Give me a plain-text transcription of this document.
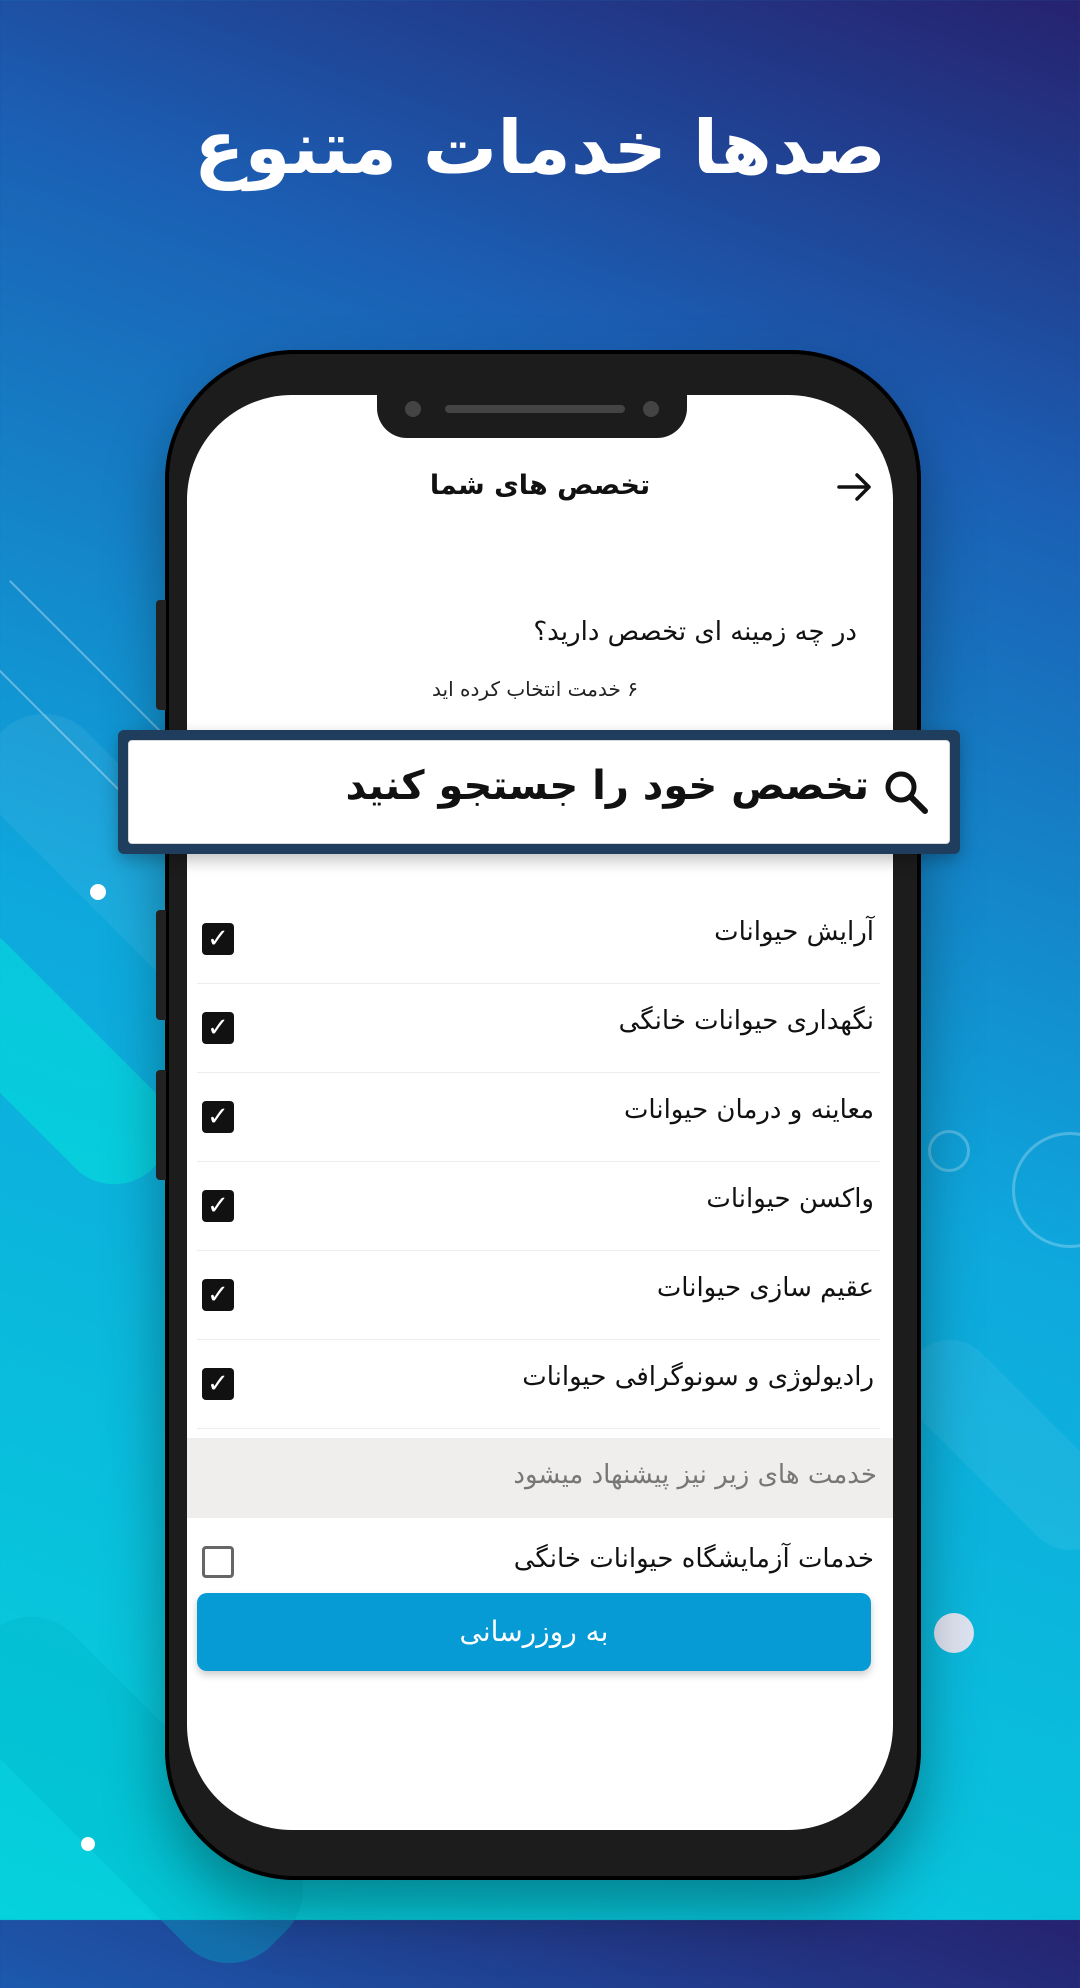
صدها خدمات متنوع
تخصص های شما
در چه زمینه ای تخصص دارید؟
۶ خدمت انتخاب کرده اید
آرایش حیوانات
✓
نگهداری حیوانات خانگی
✓
معاینه و درمان حیوانات
✓
واکسن حیوانات
✓
عقیم سازی حیوانات
✓
رادیولوژی و سونوگرافی حیوانات
✓
خدمت های زیر نیز پیشنهاد میشود
خدمات آزمایشگاه حیوانات خانگی
به روزرسانی
تخصص خود را جستجو کنید
